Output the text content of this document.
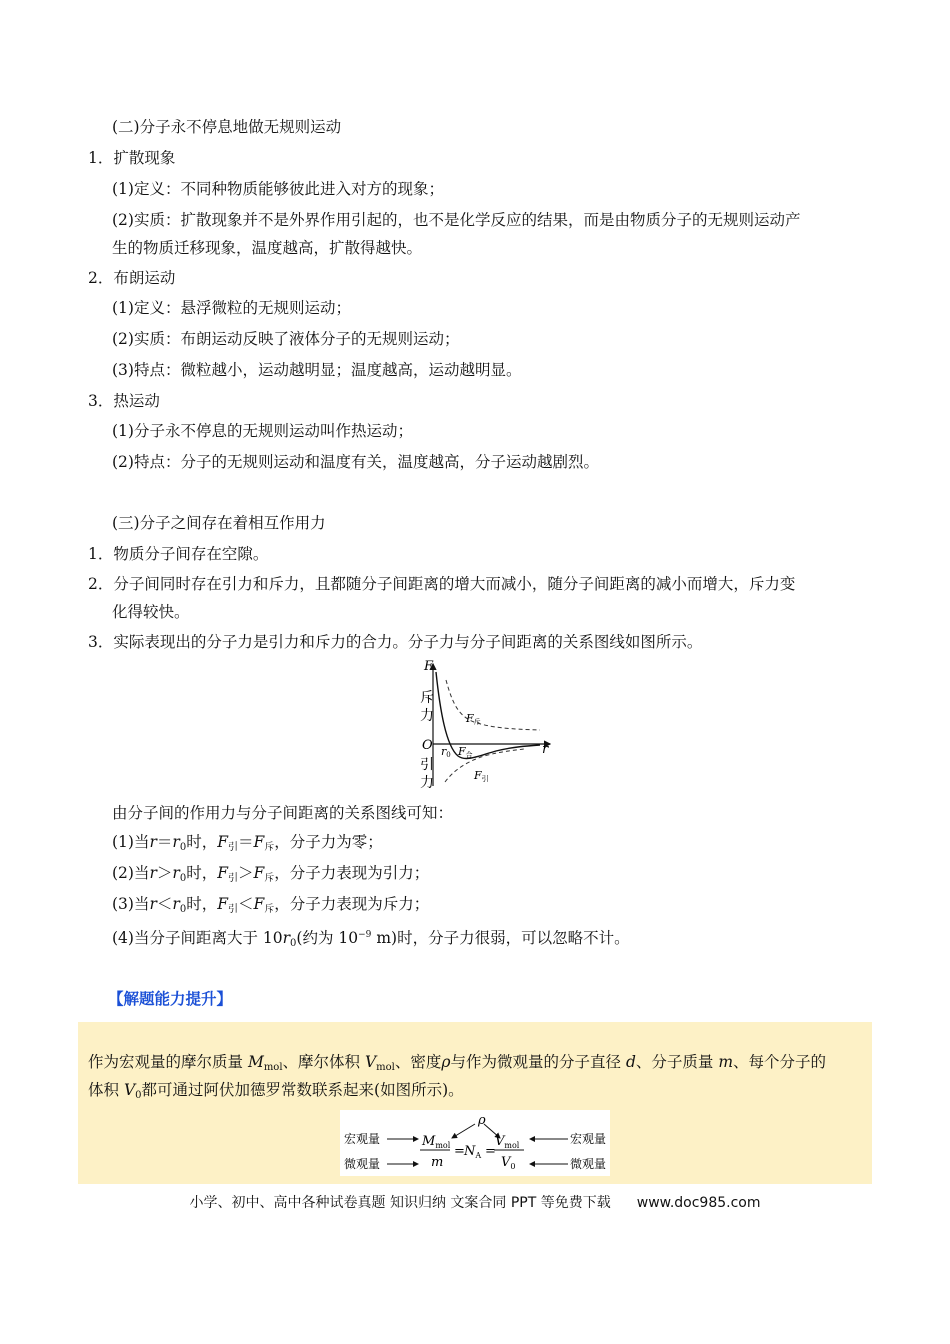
(二)分子永不停息地做无规则运动
1．扩散现象
(1)定义：不同种物质能够彼此进入对方的现象；
(2)实质：扩散现象并不是外界作用引起的，也不是化学反应的结果，而是由物质分子的无规则运动产
生的物质迁移现象，温度越高，扩散得越快。
2．布朗运动
(1)定义：悬浮微粒的无规则运动；
(2)实质：布朗运动反映了液体分子的无规则运动；
(3)特点：微粒越小，运动越明显；温度越高，运动越明显。
3．热运动
(1)分子永不停息的无规则运动叫作热运动；
(2)特点：分子的无规则运动和温度有关，温度越高，分子运动越剧烈。
(三)分子之间存在着相互作用力
1．物质分子间存在空隙。
2．分子间同时存在引力和斥力，且都随分子间距离的增大而减小，随分子间距离的减小而增大，斥力变
化得较快。
3．实际表现出的分子力是引力和斥力的合力。分子力与分子间距离的关系图线如图所示。
F
r
O
斥
力
引
力
r0
F斥
F合
F引
由分子间的作用力与分子间距离的关系图线可知：
(1)当$r=r_0$时，$F_引=F_斥$，分子力为零；
(2)当$r>r_0$时，$F_引>F_斥$，分子力表现为引力；
(3)当$r<r_0$时，$F_引<F_斥$，分子力表现为斥力；
(4)当分子间距离大于 $10r_0$(约为 $10^{-9}$ m)时，分子力很弱，可以忽略不计。
【解题能力提升】
作为宏观量的摩尔质量 $M_{mol}$、摩尔体积 $V_{mol}$、密度ρ与作为微观量的分子直径 d、分子质量 m、每个分子的
体积 $V_0$都可通过阿伏加德罗常数联系起来(如图所示)。
ρ
宏观量
微观量
$M_{mol}$
m
= $N_A$ =
$V_{mol}$
$V_0$
宏观量
微观量
小学、初中、高中各种试卷真题 知识归纳 文案合同 PPT 等免费下载 www.doc985.com
